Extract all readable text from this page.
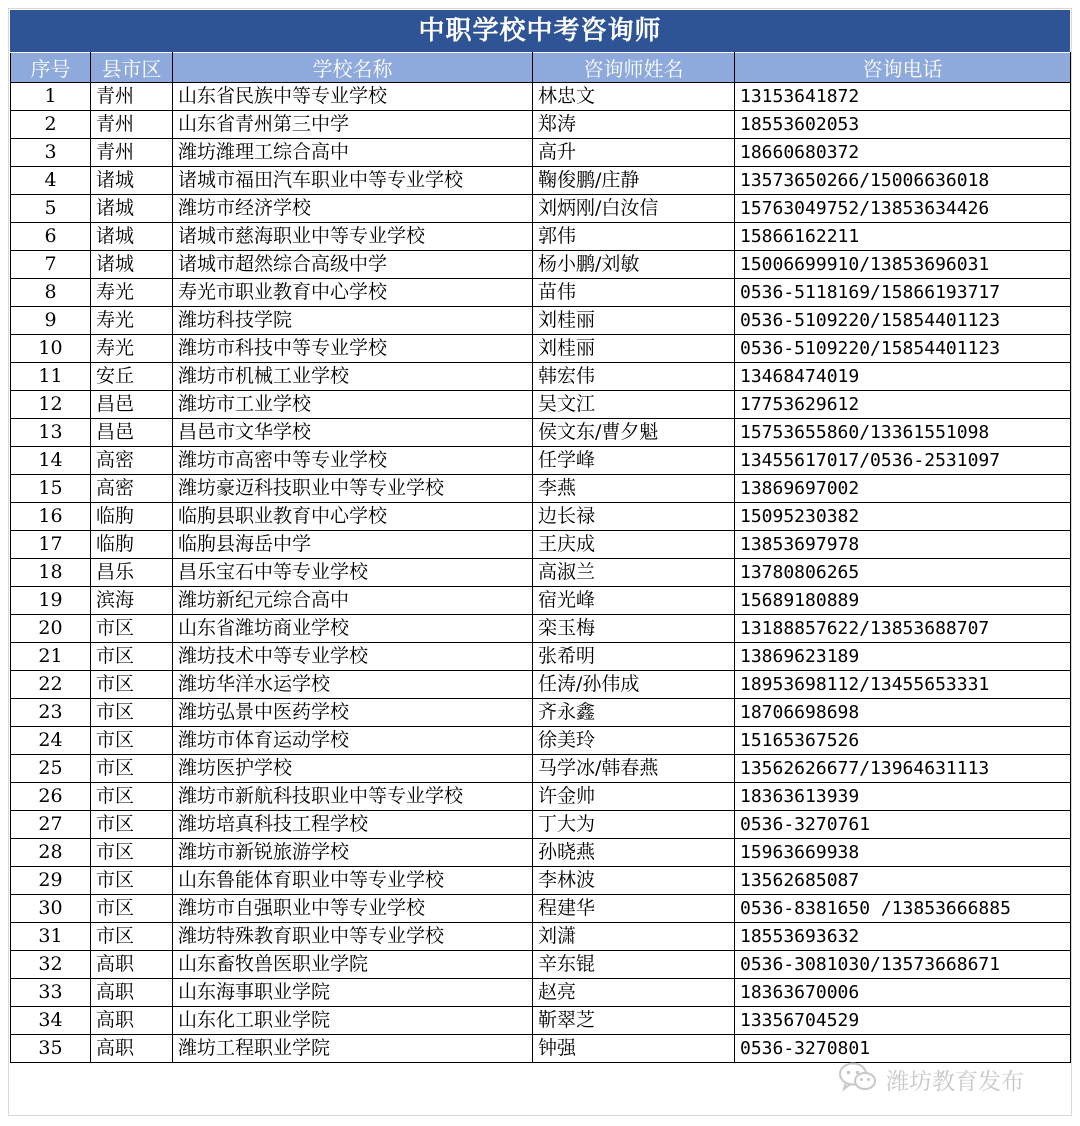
中职学校中考咨询师
序号	县市区	学校名称	咨询师姓名	咨询电话
1	青州	山东省民族中等专业学校	林忠文	13153641872
2	青州	山东省青州第三中学	郑涛	18553602053
3	青州	潍坊潍理工综合高中	高升	18660680372
4	诸城	诸城市福田汽车职业中等专业学校	鞠俊鹏/庄静	13573650266/15006636018
5	诸城	潍坊市经济学校	刘炳刚/白汝信	15763049752/13853634426
6	诸城	诸城市慈海职业中等专业学校	郭伟	15866162211
7	诸城	诸城市超然综合高级中学	杨小鹏/刘敏	15006699910/13853696031
8	寿光	寿光市职业教育中心学校	苗伟	0536-5118169/15866193717
9	寿光	潍坊科技学院	刘桂丽	0536-5109220/15854401123
10	寿光	潍坊市科技中等专业学校	刘桂丽	0536-5109220/15854401123
11	安丘	潍坊市机械工业学校	韩宏伟	13468474019
12	昌邑	潍坊市工业学校	吴文江	17753629612
13	昌邑	昌邑市文华学校	侯文东/曹夕魁	15753655860/13361551098
14	高密	潍坊市高密中等专业学校	任学峰	13455617017/0536-2531097
15	高密	潍坊豪迈科技职业中等专业学校	李燕	13869697002
16	临朐	临朐县职业教育中心学校	边长禄	15095230382
17	临朐	临朐县海岳中学	王庆成	13853697978
18	昌乐	昌乐宝石中等专业学校	高淑兰	13780806265
19	滨海	潍坊新纪元综合高中	宿光峰	15689180889
20	市区	山东省潍坊商业学校	栾玉梅	13188857622/13853688707
21	市区	潍坊技术中等专业学校	张希明	13869623189
22	市区	潍坊华洋水运学校	任涛/孙伟成	18953698112/13455653331
23	市区	潍坊弘景中医药学校	齐永鑫	18706698698
24	市区	潍坊市体育运动学校	徐美玲	15165367526
25	市区	潍坊医护学校	马学冰/韩春燕	13562626677/13964631113
26	市区	潍坊市新航科技职业中等专业学校	许金帅	18363613939
27	市区	潍坊培真科技工程学校	丁大为	0536-3270761
28	市区	潍坊市新锐旅游学校	孙晓燕	15963669938
29	市区	山东鲁能体育职业中等专业学校	李林波	13562685087
30	市区	潍坊市自强职业中等专业学校	程建华	0536-8381650 /13853666885
31	市区	潍坊特殊教育职业中等专业学校	刘潇	18553693632
32	高职	山东畜牧兽医职业学院	辛东锟	0536-3081030/13573668671
33	高职	山东海事职业学院	赵亮	18363670006
34	高职	山东化工职业学院	靳翠芝	13356704529
35	高职	潍坊工程职业学院	钟强	0536-3270801
潍坊教育发布
